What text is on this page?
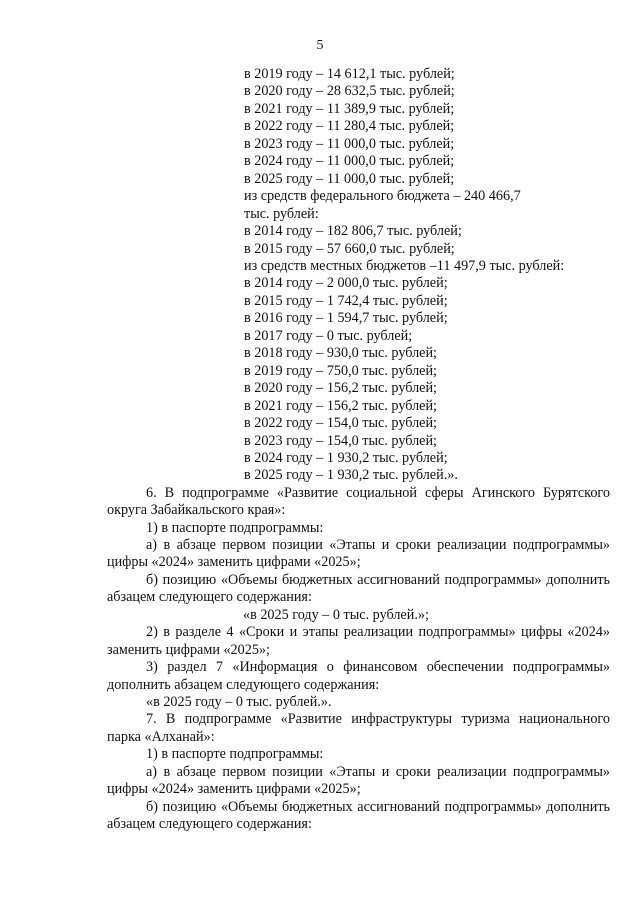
5
в 2019 году – 14 612,1 тыс. рублей;
в 2020 году – 28 632,5 тыс. рублей;
в 2021 году – 11 389,9 тыс. рублей;
в 2022 году – 11 280,4 тыс. рублей;
в 2023 году – 11 000,0 тыс. рублей;
в 2024 году – 11 000,0 тыс. рублей;
в 2025 году – 11 000,0 тыс. рублей;
из средств федерального бюджета – 240 466,7
тыс. рублей:
в 2014 году – 182 806,7 тыс. рублей;
в 2015 году – 57 660,0 тыс. рублей;
из средств местных бюджетов –11 497,9 тыс. рублей:
в 2014 году – 2 000,0 тыс. рублей;
в 2015 году – 1 742,4 тыс. рублей;
в 2016 году – 1 594,7 тыс. рублей;
в 2017 году – 0 тыс. рублей;
в 2018 году – 930,0 тыс. рублей;
в 2019 году – 750,0 тыс. рублей;
в 2020 году – 156,2 тыс. рублей;
в 2021 году – 156,2 тыс. рублей;
в 2022 году – 154,0 тыс. рублей;
в 2023 году – 154,0 тыс. рублей;
в 2024 году – 1 930,2 тыс. рублей;
в 2025 году – 1 930,2 тыс. рублей.».

6. В подпрограмме «Развитие социальной сферы Агинского Бурятского округа Забайкальского края»:

1) в паспорте подпрограммы:

а) в абзаце первом позиции «Этапы и сроки реализации подпрограммы» цифры «2024» заменить цифрами «2025»;

б) позицию «Объемы бюджетных ассигнований подпрограммы» дополнить абзацем следующего содержания:

«в 2025 году – 0 тыс. рублей.»;

2) в разделе 4 «Сроки и этапы реализации подпрограммы» цифры «2024» заменить цифрами «2025»;

3) раздел 7 «Информация о финансовом обеспечении подпрограммы» дополнить абзацем следующего содержания:

«в 2025 году – 0 тыс. рублей.».

7. В подпрограмме «Развитие инфраструктуры туризма национального парка «Алханай»:

1) в паспорте подпрограммы:

а) в абзаце первом позиции «Этапы и сроки реализации подпрограммы» цифры «2024» заменить цифрами «2025»;

б) позицию «Объемы бюджетных ассигнований подпрограммы» дополнить абзацем следующего содержания:
